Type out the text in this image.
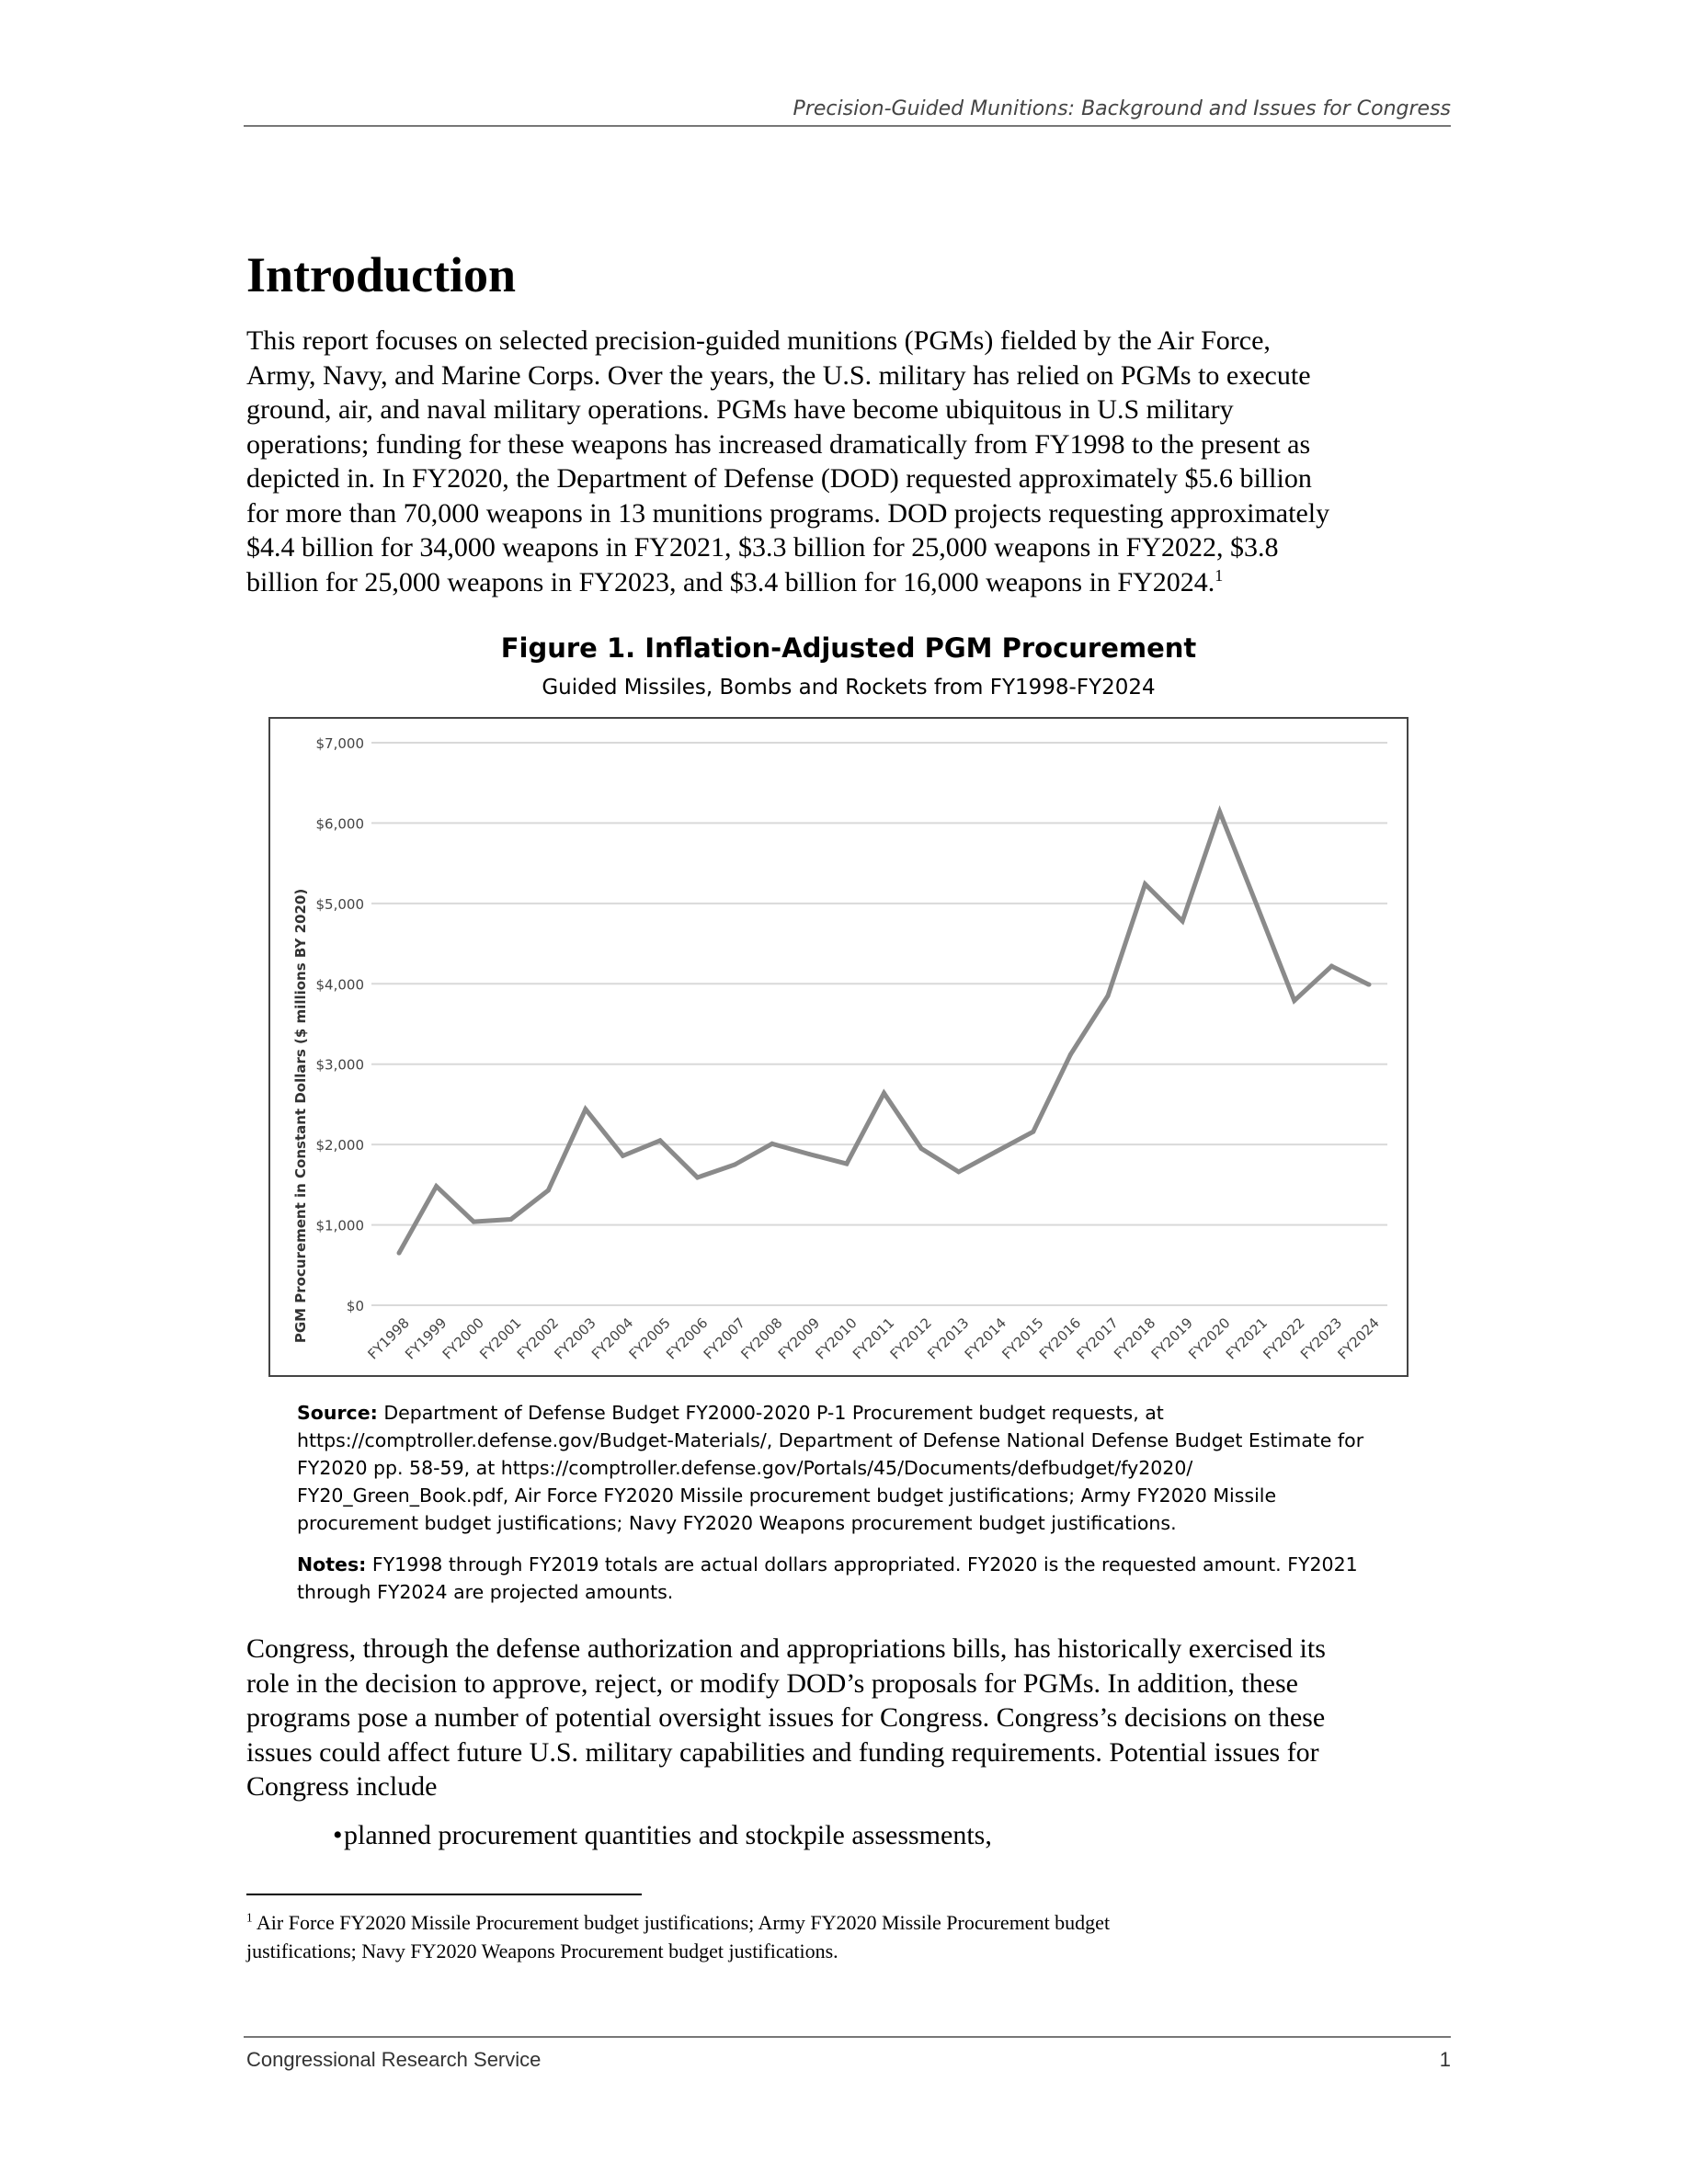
Precision-Guided Munitions: Background and Issues for Congress
Introduction
This report focuses on selected precision-guided munitions (PGMs) fielded by the Air Force,
Army, Navy, and Marine Corps. Over the years, the U.S. military has relied on PGMs to execute
ground, air, and naval military operations. PGMs have become ubiquitous in U.S military
operations; funding for these weapons has increased dramatically from FY1998 to the present as
depicted in. In FY2020, the Department of Defense (DOD) requested approximately $5.6 billion
for more than 70,000 weapons in 13 munitions programs. DOD projects requesting approximately
$4.4 billion for 34,000 weapons in FY2021, $3.3 billion for 25,000 weapons in FY2022, $3.8
billion for 25,000 weapons in FY2023, and $3.4 billion for 16,000 weapons in FY2024.$^1$
Figure 1. Inflation-Adjusted PGM Procurement
Guided Missiles, Bombs and Rockets from FY1998-FY2024
$0
$1,000
$2,000
$3,000
$4,000
$5,000
$6,000
$7,000
PGM Procurement in Constant Dollars ($ millions BY 2020)	FY1998
FY1999
FY2000
FY2001
FY2002
FY2003
FY2004
FY2005
FY2006
FY2007
FY2008
FY2009
FY2010
FY2011
FY2012
FY2013
FY2014
FY2015
FY2016
FY2017
FY2018
FY2019
FY2020
FY2021
FY2022
FY2023
FY2024
Source: Department of Defense Budget FY2000-2020 P-1 Procurement budget requests, at
https://comptroller.defense.gov/Budget-Materials/, Department of Defense National Defense Budget Estimate for
FY2020 pp. 58-59, at https://comptroller.defense.gov/Portals/45/Documents/defbudget/fy2020/
FY20_Green_Book.pdf, Air Force FY2020 Missile procurement budget justifications; Army FY2020 Missile
procurement budget justifications; Navy FY2020 Weapons procurement budget justifications.
Notes: FY1998 through FY2019 totals are actual dollars appropriated. FY2020 is the requested amount. FY2021
through FY2024 are projected amounts.
Congress, through the defense authorization and appropriations bills, has historically exercised its
role in the decision to approve, reject, or modify DOD’s proposals for PGMs. In addition, these
programs pose a number of potential oversight issues for Congress. Congress’s decisions on these
issues could affect future U.S. military capabilities and funding requirements. Potential issues for
Congress include
• planned procurement quantities and stockpile assessments,
$^1$ Air Force FY2020 Missile Procurement budget justifications; Army FY2020 Missile Procurement budget
justifications; Navy FY2020 Weapons Procurement budget justifications.
Congressional Research Service	1
